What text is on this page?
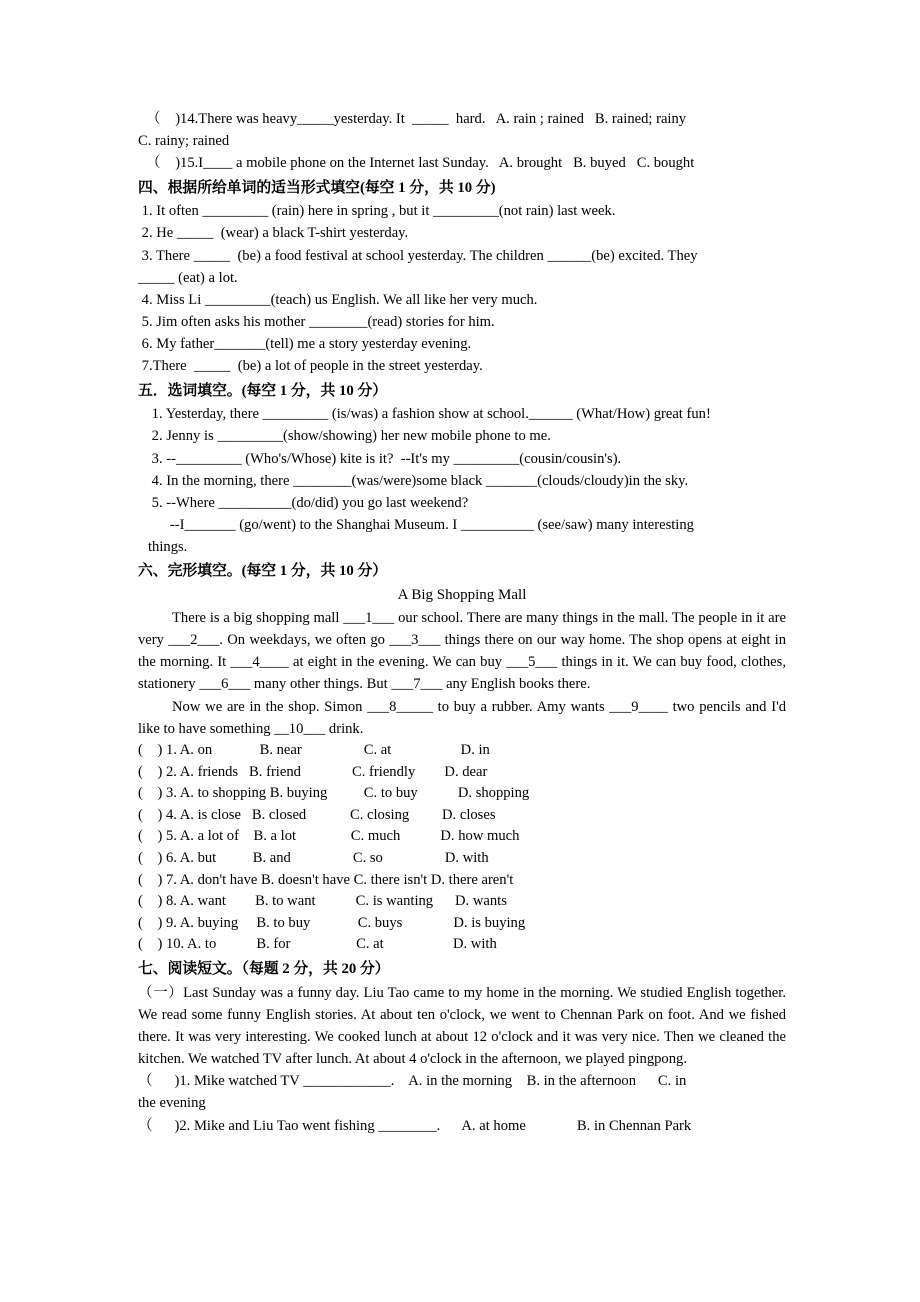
（    )14.There was heavy_____yesterday. It  _____  hard.   A. rain ; rained   B. rained; rainy

C. rainy; rained

（    )15.I____ a mobile phone on the Internet last Sunday.   A. brought   B. buyed   C. bought

四、根据所给单词的适当形式填空(每空 1 分，共 10 分)

1. It often _________ (rain) here in spring , but it _________(not rain) last week.

2. He _____  (wear) a black T-shirt yesterday.

3. There _____  (be) a food festival at school yesterday. The children ______(be) excited. They

_____ (eat) a lot.

4. Miss Li _________(teach) us English. We all like her very much.

5. Jim often asks his mother ________(read) stories for him.

6. My father_______(tell) me a story yesterday evening.

7.There  _____  (be) a lot of people in the street yesterday.

五．选词填空。(每空 1 分，共 10 分）

1. Yesterday, there _________ (is/was) a fashion show at school.______ (What/How) great fun!

2. Jenny is _________(show/showing) her new mobile phone to me.

3. --_________ (Who's/Whose) kite is it?  --It's my _________(cousin/cousin's).

4. In the morning, there ________(was/were)some black _______(clouds/cloudy)in the sky.

5. --Where __________(do/did) you go last weekend?

--I_______ (go/went) to the Shanghai Museum. I __________ (see/saw) many interesting

things.

六、完形填空。(每空 1 分，共 10 分）

A Big Shopping Mall

There is a big shopping mall ___1___ our school. There are many things in the mall. The people in it are very ___2___. On weekdays, we often go ___3___ things there on our way home. The shop opens at eight in the morning. It ___4____ at eight in the evening. We can buy ___5___ things in it. We can buy food, clothes, stationery ___6___ many other things. But ___7___ any English books there.

Now we are in the shop. Simon ___8_____ to buy a rubber. Amy wants ___9____ two pencils and I'd like to have something __10___ drink.

(    ) 1. A. on             B. near                 C. at                   D. in

(    ) 2. A. friends   B. friend              C. friendly        D. dear

(    ) 3. A. to shopping B. buying          C. to buy           D. shopping

(    ) 4. A. is close   B. closed            C. closing         D. closes

(    ) 5. A. a lot of    B. a lot               C. much           D. how much

(    ) 6. A. but          B. and                 C. so                 D. with

(    ) 7. A. don't have B. doesn't have C. there isn't D. there aren't

(    ) 8. A. want        B. to want           C. is wanting      D. wants

(    ) 9. A. buying     B. to buy             C. buys              D. is buying

(    ) 10. A. to           B. for                  C. at                   D. with

七、阅读短文。（每题 2 分，共 20 分）

（一）Last Sunday was a funny day. Liu Tao came to my home in the morning. We studied English together. We read some funny English stories. At about ten o'clock, we went to Chennan Park on foot. And we fished there. It was very interesting. We cooked lunch at about 12 o'clock and it was very nice. Then we cleaned the kitchen. We watched TV after lunch. At about 4 o'clock in the afternoon, we played pingpong.

（      )1. Mike watched TV ____________.    A. in the morning    B. in the afternoon      C. in

the evening

（      )2. Mike and Liu Tao went fishing ________.      A. at home              B. in Chennan Park
